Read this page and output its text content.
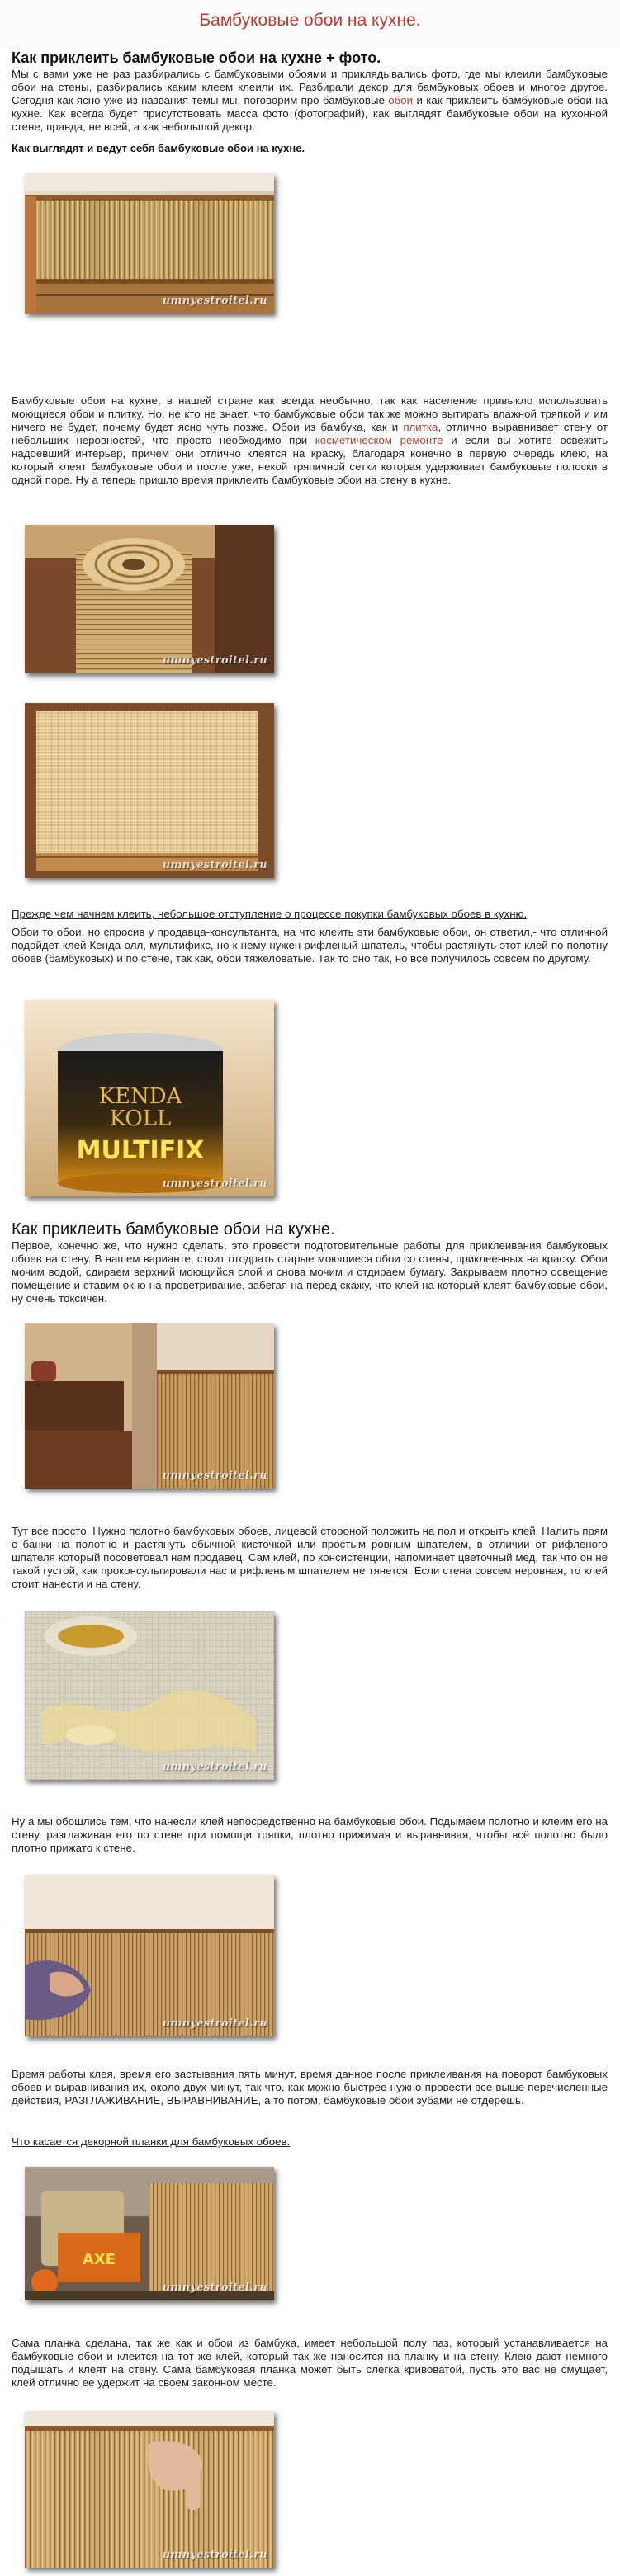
Бамбуковые обои на кухне.
Как приклеить бамбуковые обои на кухне + фото.

Мы с вами уже не раз разбирались с бамбуковыми обоями и приклядывались фото, где мы клеили бамбуковые обои на стены, разбирались каким клеем клеили их. Разбирали декор для бамбуковых обоев и многое другое. Сегодня как ясно уже из названия темы мы, поговорим про бамбуковые обои и как приклеить бамбуковые обои на кухне. Как всегда будет присутствовать масса фото (фотографий), как выглядят бамбуковые обои на кухонной стене, правда, не всей, а как небольшой декор.

Как выглядят и ведут себя бамбуковые обои на кухне.
umnyestroitel.ru

Бамбуковые обои на кухне, в нашей стране как всегда необычно, так как население привыкло использовать моющиеся обои и плитку. Но, не кто не знает, что бамбуковые обои так же можно вытирать влажной тряпкой и им ничего не будет, почему будет ясно чуть позже. Обои из бамбука, как и плитка, отлично выравнивает стену от небольших неровностей, что просто необходимо при косметическом ремонте и если вы хотите освежить надоевший интерьер, причем они отлично клеятся на краску, благодаря конечно в первую очередь клею, на который клеят бамбуковые обои и после уже, некой тряпичной сетки которая удерживает бамбуковые полоски в одной поре. Ну а теперь пришло время приклеить бамбуковые обои на стену в кухне.

umnyestroitel.ru
umnyestroitel.ru

Прежде чем начнем клеить, небольшое отступление о процессе покупки бамбуковых обоев в кухню.

Обои то обои, но спросив у продавца-консультанта, на что клеить эти бамбуковые обои, он ответил,- что отличной подойдет клей Кенда-олл, мультификс, но к нему нужен рифленый шпатель, чтобы растянуть этот клей по полотну обоев (бамбуковых) и по стене, так как, обои тяжеловатые. Так то оно так, но все получилось совсем по другому.

KENDA
KOLL
MULTIFIX
umnyestroitel.ru
Как приклеить бамбуковые обои на кухне.

Первое, конечно же, что нужно сделать, это провести подготовительные работы для приклеивания бамбуковых обоев на стену. В нашем варианте, стоит отодрать старые моющиеся обои со стены, приклеенных на краску. Обои мочим водой, сдираем верхний моющийся слой и снова мочим и отдираем бумагу. Закрываем плотно освещение помещение и ставим окно на проветривание, забегая на перед скажу, что клей на который клеят бамбуковые обои, ну очень токсичен.

umnyestroitel.ru

Тут все просто. Нужно полотно бамбуковых обоев, лицевой стороной положить на пол и открыть клей. Налить прям с банки на полотно и растянуть обычной кисточкой или простым ровным шпателем, в отличии от рифленого шпателя который посоветовал нам продавец. Сам клей, по консистенции, напоминает цветочный мед, так что он не такой густой, как проконсультировали нас и рифленым шпателем не тянется. Если стена совсем неровная, то клей стоит нанести и на стену.

umnyestroitel.ru

Ну а мы обошлись тем, что нанесли клей непосредственно на бамбуковые обои. Подымаем полотно и клеим его на стену, разглаживая его по стене при помощи тряпки, плотно прижимая и выравнивая, чтобы всё полотно было плотно прижато к стене.

umnyestroitel.ru

Время работы клея, время его застывания пять минут, время данное после приклеивания на поворот бамбуковых обоев и выравнивания их, около двух минут, так что, как можно быстрее нужно провести все выше перечисленные действия, РАЗГЛАЖИВАНИЕ, ВЫРАВНИВАНИЕ, а то потом, бамбуковые обои зубами не отдерешь.

Что касается декорной планки для бамбуковых обоев.

AXE
umnyestroitel.ru

Сама планка сделана, так же как и обои из бамбука, имеет небольшой полу паз, который устанавливается на бамбуковые обои и клеится на тот же клей, который так же наносится на планку и на стену. Клею дают немного подышать и клеят на стену. Сама бамбуковая планка может быть слегка кривоватой, пусть это вас не смущает, клей отлично ее удержит на своем законном месте.

umnyestroitel.ru
